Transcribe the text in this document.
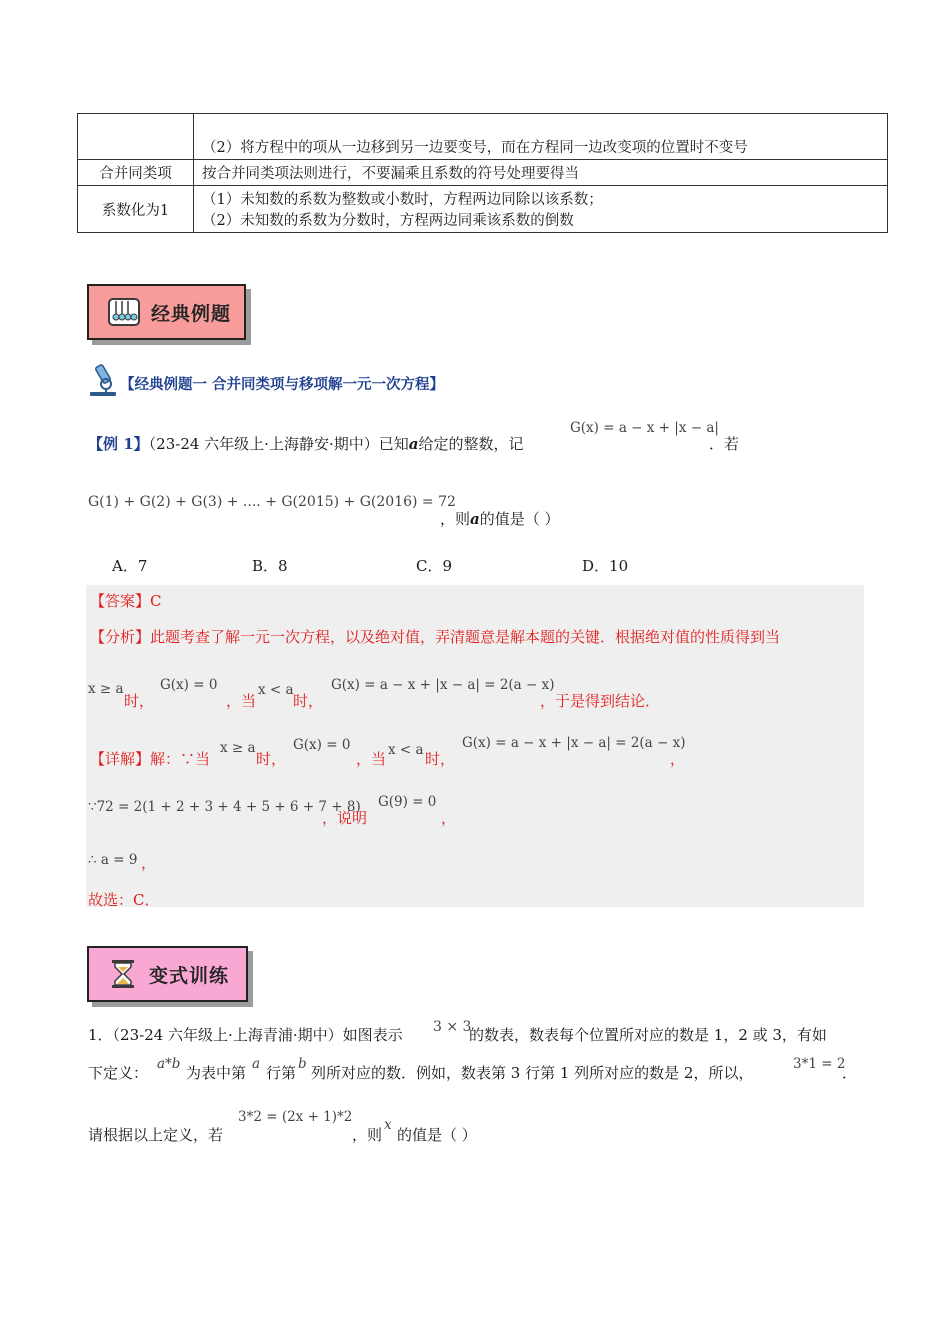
	（2）将方程中的项从一边移到另一边要变号，而在方程同一边改变项的位置时不变号
合并同类项	按合并同类项法则进行，不要漏乘且系数的符号处理要得当
系数化为1	（1）未知数的系数为整数或小数时，方程两边同除以该系数；
（2）未知数的系数为分数时，方程两边同乘该系数的倒数
经典例题
【经典例题一 合并同类项与移项解一元一次方程】
【例 1】（23-24 六年级上·上海静安·期中）已知a给定的整数，记
G(x) = a − x + |x − a|
．若
G(1) + G(2) + G(3) + .... + G(2015) + G(2016) = 72
，则a的值是（ ）
A．7	B．8	C．9	D．10
【答案】C
【分析】此题考查了解一元一次方程，以及绝对值，弄清题意是解本题的关键．根据绝对值的性质得到当
x ≥ a
时，
G(x) = 0
，当
x < a
时，
G(x) = a − x + |x − a| = 2(a − x)
，于是得到结论．
【详解】解：∵当
x ≥ a
时，
G(x) = 0
，当 x < a 时，
G(x) = a − x + |x − a| = 2(a − x)
，
∵72 = 2(1 + 2 + 3 + 4 + 5 + 6 + 7 + 8)
，说明
G(9) = 0
，
∴ a = 9 ，
故选：C．
变式训练
1．（23-24 六年级上·上海青浦·期中）如图表示 3 × 3
的数表，数表每个位置所对应的数是 1，2 或 3，有如
下定义： a*b 为表中第 a 行第 b 列所对应的数．例如，数表第 3 行第 1 列所对应的数是 2，所以，	3*1 = 2
．
请根据以上定义，若
3*2 = (2x + 1)*2
，则
x
的值是（ ）
